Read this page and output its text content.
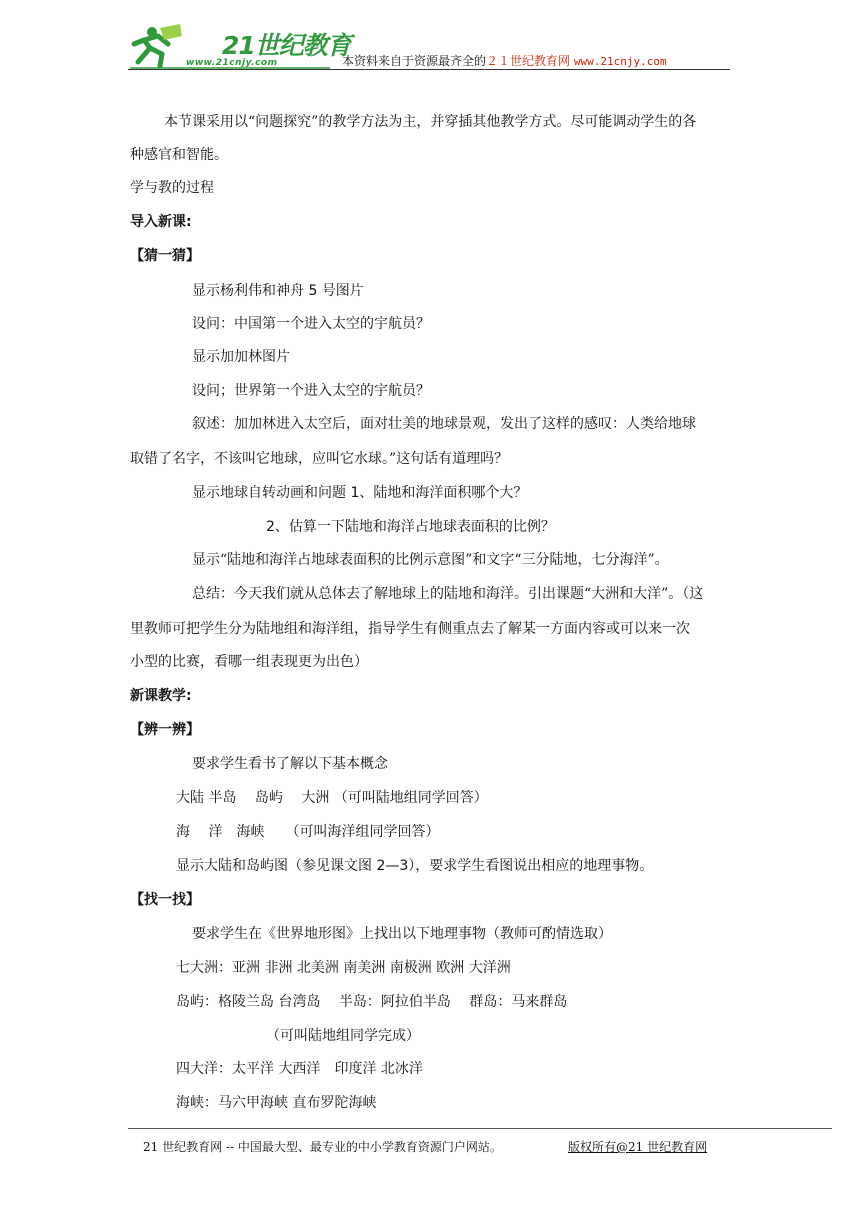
21世纪教育
www.21cnjy.com	本资料来自于资源最齐全的２１世纪教育网 www.21cnjy.com
本节课采用以“问题探究”的教学方法为主，并穿插其他教学方式。尽可能调动学生的各
种感官和智能。
学与教的过程
导入新课:
【猜一猜】
显示杨利伟和神舟 5 号图片
设问：中国第一个进入太空的宇航员？
显示加加林图片
设问；世界第一个进入太空的宇航员？
叙述：加加林进入太空后，面对壮美的地球景观，发出了这样的感叹：人类给地球
取错了名字，不该叫它地球，应叫它水球。”这句话有道理吗？
显示地球自转动画和问题 1、陆地和海洋面积哪个大？
2、估算一下陆地和海洋占地球表面积的比例？
显示“陆地和海洋占地球表面积的比例示意图”和文字“三分陆地，七分海洋”。
总结：今天我们就从总体去了解地球上的陆地和海洋。引出课题“大洲和大洋”。（这
里教师可把学生分为陆地组和海洋组，指导学生有侧重点去了解某一方面内容或可以来一次
小型的比赛，看哪一组表现更为出色）
新课教学:
【辨一辨】
要求学生看书了解以下基本概念
大陆 半岛　 岛屿　 大洲 （可叫陆地组同学回答）
海　 洋　海峡　　（可叫海洋组同学回答）
显示大陆和岛屿图（参见课文图 2—3），要求学生看图说出相应的地理事物。
【找一找】
要求学生在《世界地形图》上找出以下地理事物（教师可酌情选取）
七大洲：亚洲 非洲 北美洲 南美洲 南极洲 欧洲 大洋洲
岛屿：格陵兰岛 台湾岛　 半岛：阿拉伯半岛　 群岛：马来群岛
（可叫陆地组同学完成）
四大洋：太平洋 大西洋　印度洋 北冰洋
海峡：马六甲海峡 直布罗陀海峡
21 世纪教育网 -- 中国最大型、最专业的中小学教育资源门户网站。	版权所有@21 世纪教育网
